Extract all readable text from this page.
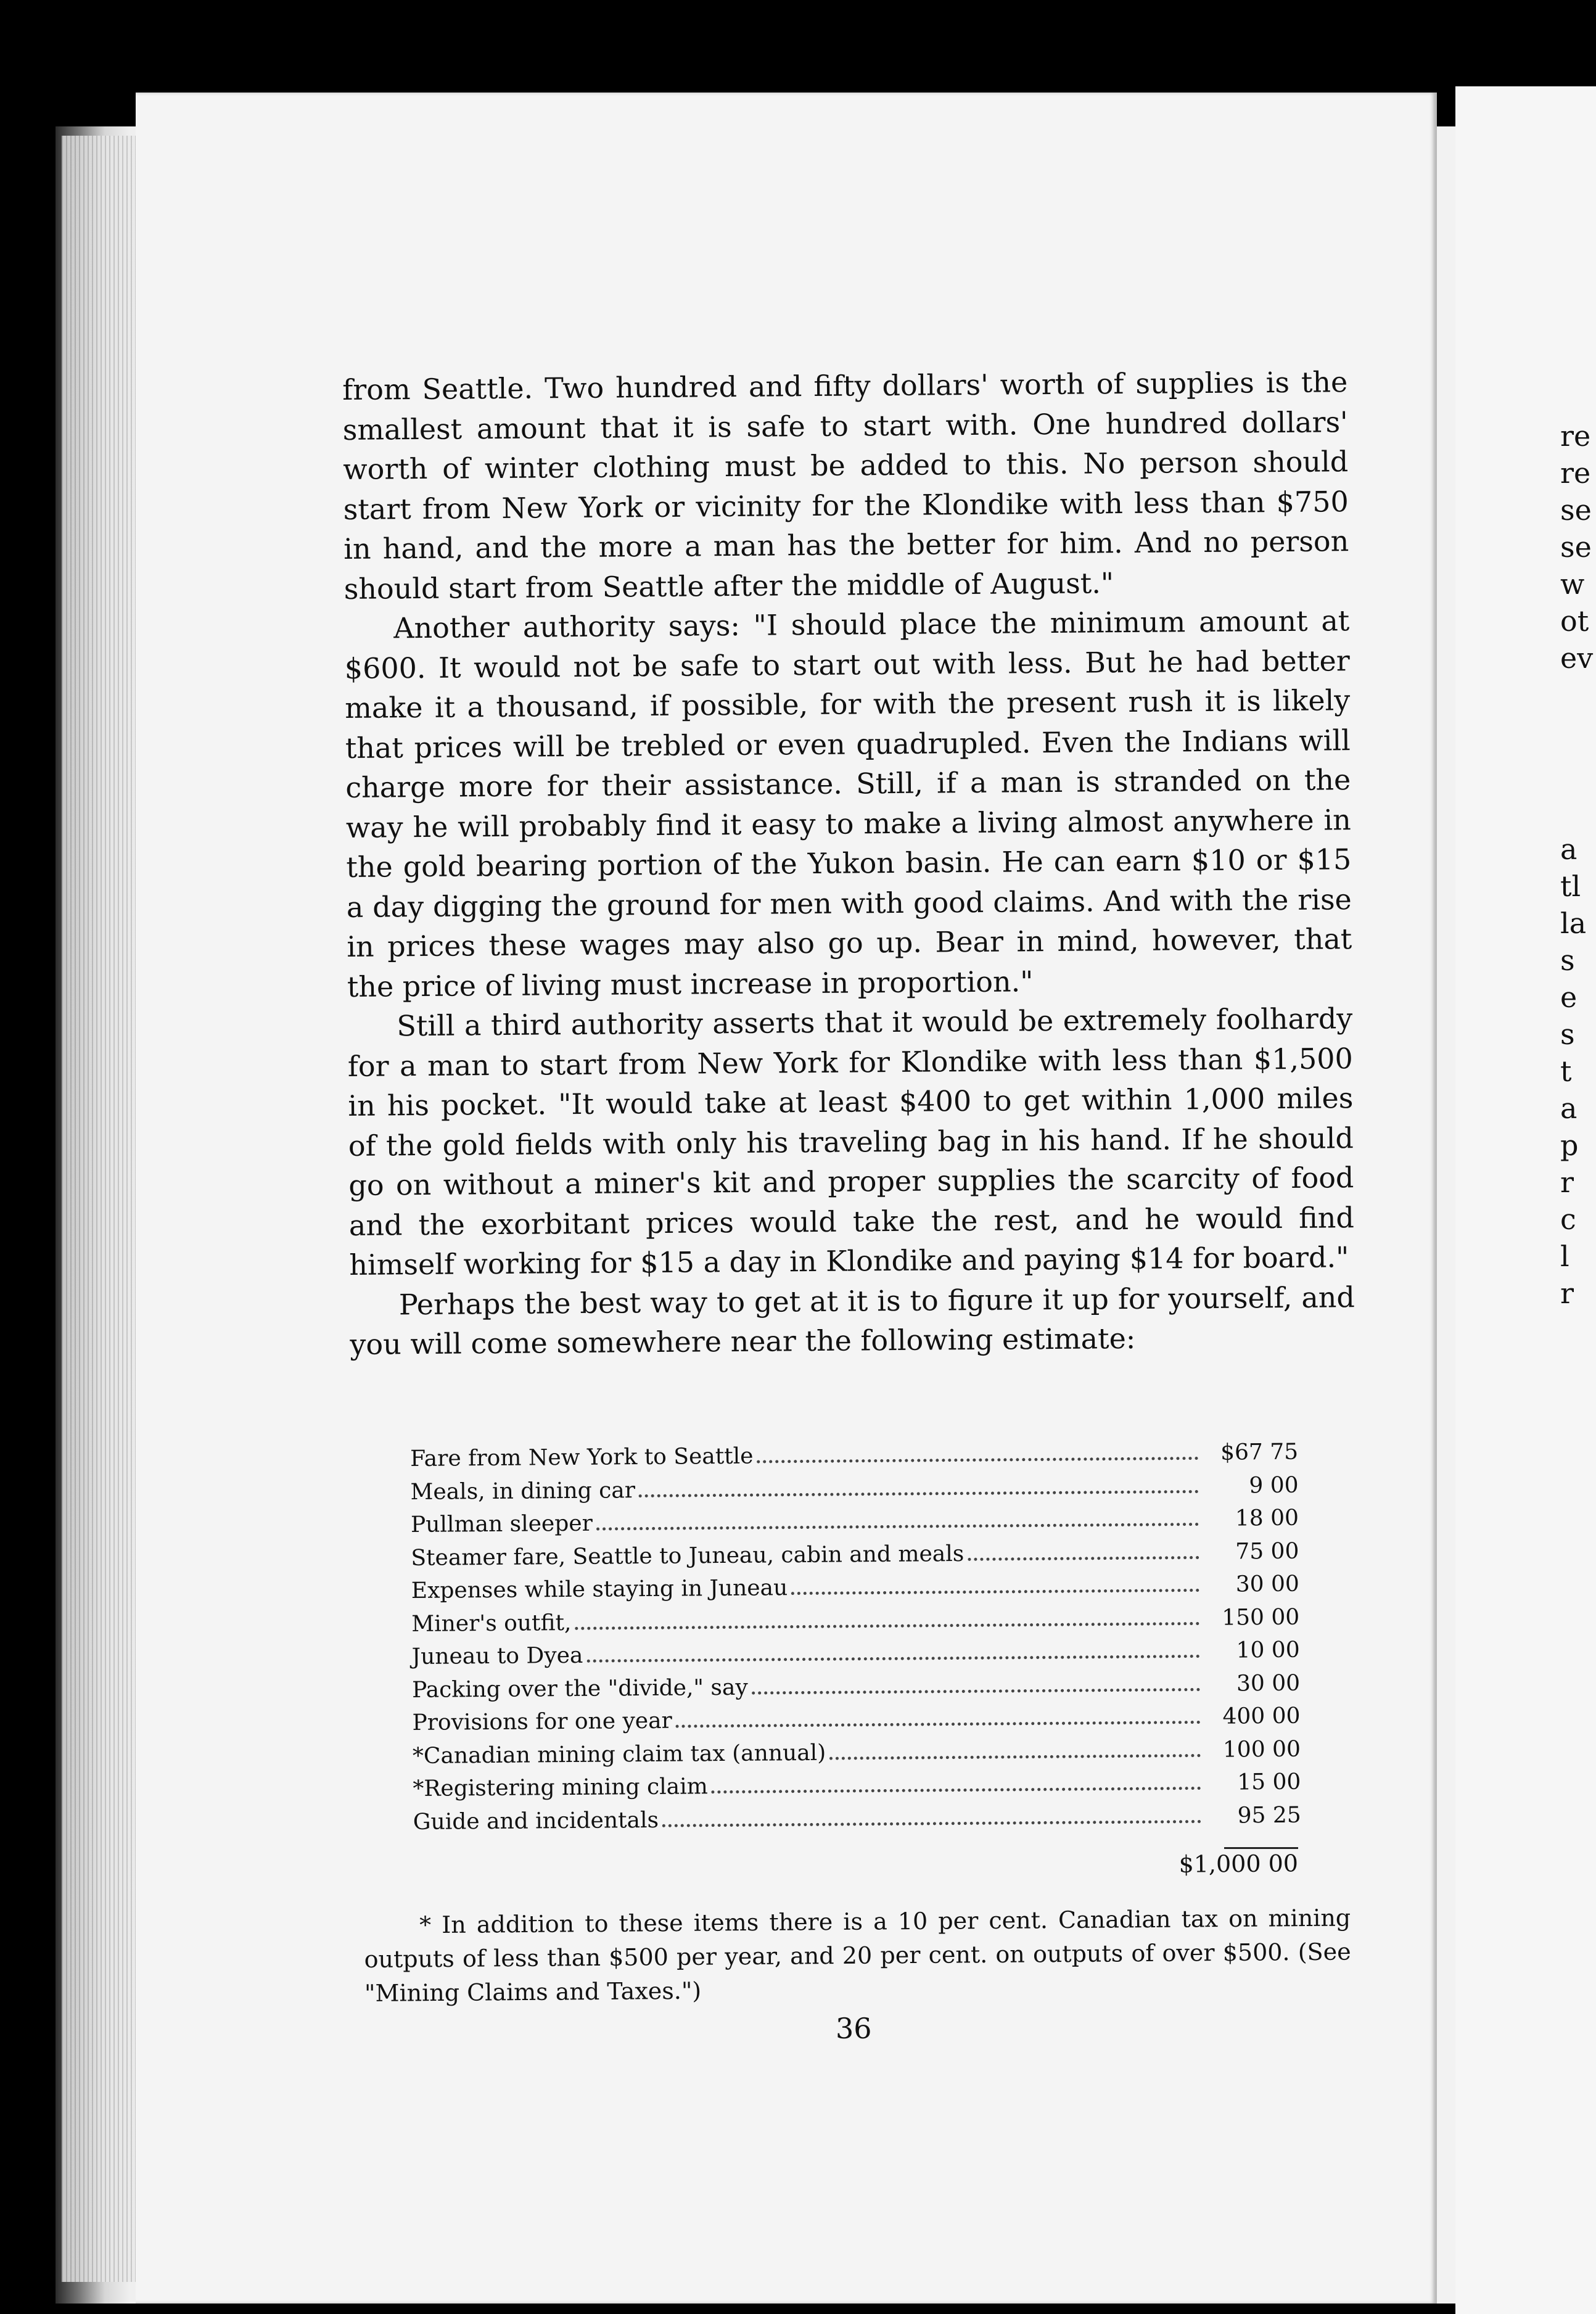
re
re
se
se
w
ot
ev
a
tl
la
s
e
s
t
a
p
r
c
l
r

from Seattle. Two hundred and fifty dollars' worth of supplies is the smallest amount that it is safe to start with. One hundred dollars' worth of winter clothing must be added to this. No person should start from New York or vicinity for the Klondike with less than $750 in hand, and the more a man has the better for him. And no person should start from Seattle after the middle of August."

Another authority says: "I should place the minimum amount at $600. It would not be safe to start out with less. But he had better make it a thousand, if possible, for with the present rush it is likely that prices will be trebled or even quadrupled. Even the Indians will charge more for their assistance. Still, if a man is stranded on the way he will probably find it easy to make a living almost anywhere in the gold bearing portion of the Yukon basin. He can earn $10 or $15 a day digging the ground for men with good claims. And with the rise in prices these wages may also go up. Bear in mind, however, that the price of living must increase in proportion."

Still a third authority asserts that it would be extremely foolhardy for a man to start from New York for Klondike with less than $1,500 in his pocket. "It would take at least $400 to get within 1,000 miles of the gold fields with only his traveling bag in his hand. If he should go on without a miner's kit and proper supplies the scarcity of food and the exorbitant prices would take the rest, and he would find himself working for $15 a day in Klondike and paying $14 for board."

Perhaps the best way to get at it is to figure it up for yourself, and you will come somewhere near the following estimate:

Fare from New York to Seattle	$67 75
Meals, in dining car	9 00
Pullman sleeper	18 00
Steamer fare, Seattle to Juneau, cabin and meals	75 00
Expenses while staying in Juneau	30 00
Miner's outfit,	150 00
Juneau to Dyea	10 00
Packing over the "divide," say	30 00
Provisions for one year	400 00
*Canadian mining claim tax (annual)	100 00
*Registering mining claim	15 00
Guide and incidentals	95 25
$1,000 00

* In addition to these items there is a 10 per cent. Canadian tax on mining outputs of less than $500 per year, and 20 per cent. on outputs of over $500. (See "Mining Claims and Taxes.")

36
